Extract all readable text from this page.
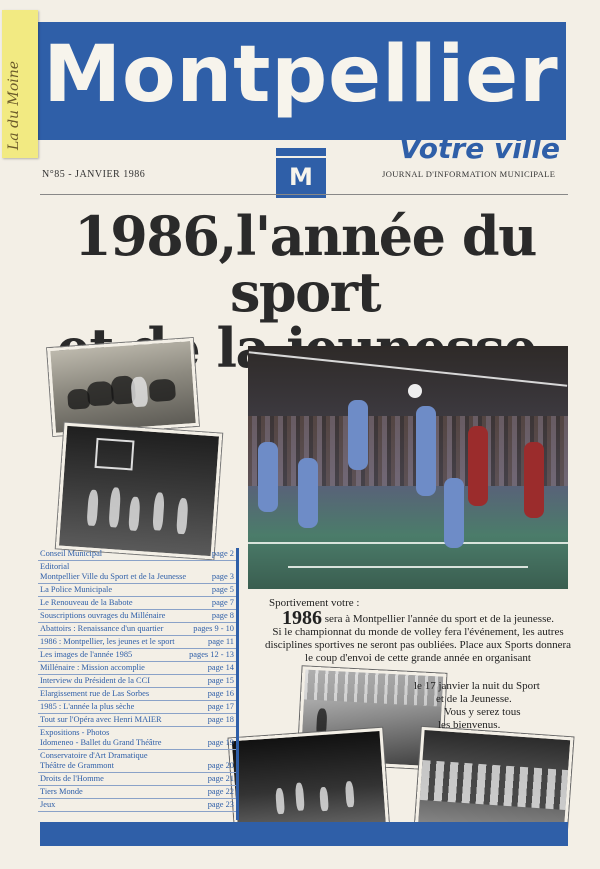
Montpellier
La du Moine	Votre ville
M
N°85 - JANVIER 1986	JOURNAL D'INFORMATION MUNICIPALE
1986,l'année du sport
la
Conseil Municipal	page 2
Editorial
Montpellier Ville du Sport et de la Jeunesse	page 3
La Police Municipale	page 5
Le Renouveau de la Babote	page 7
Souscriptions ouvrages du Millénaire	page 8
Abattoirs : Renaissance d'un quartier	pages 9 - 10
1986 : Montpellier, les jeunes et le sport	page 11
Les images de l'année 1985	pages 12 - 13
Millénaire : Mission accomplie	page 14
Interview du Président de la CCI	page 15
Elargissement rue de Las Sorbes	page 16
1985 : L'année la plus sèche	page 17
Tout sur l'Opéra avec Henri MAIER	page 18
Expositions - Photos
Idomeneo - Ballet du Grand Théâtre	page 19
Conservatoire d'Art Dramatique
Théâtre de Grammont	page 20
Droits de l'Homme	page 21
Tiers Monde	page 22
Jeux	page 23
Sportivement votre :
1986 sera à Montpellier l'année du sport et de la jeunesse.
Si le championnat du monde de volley fera l'événement, les autres disciplines sportives ne seront pas oubliées. Place aux Sports donnera le coup d'envoi de cette grande année en organisant
le 17 janvier la nuit du Sport
et de la Jeunesse.
Vous y serez tous
les bienvenus.
